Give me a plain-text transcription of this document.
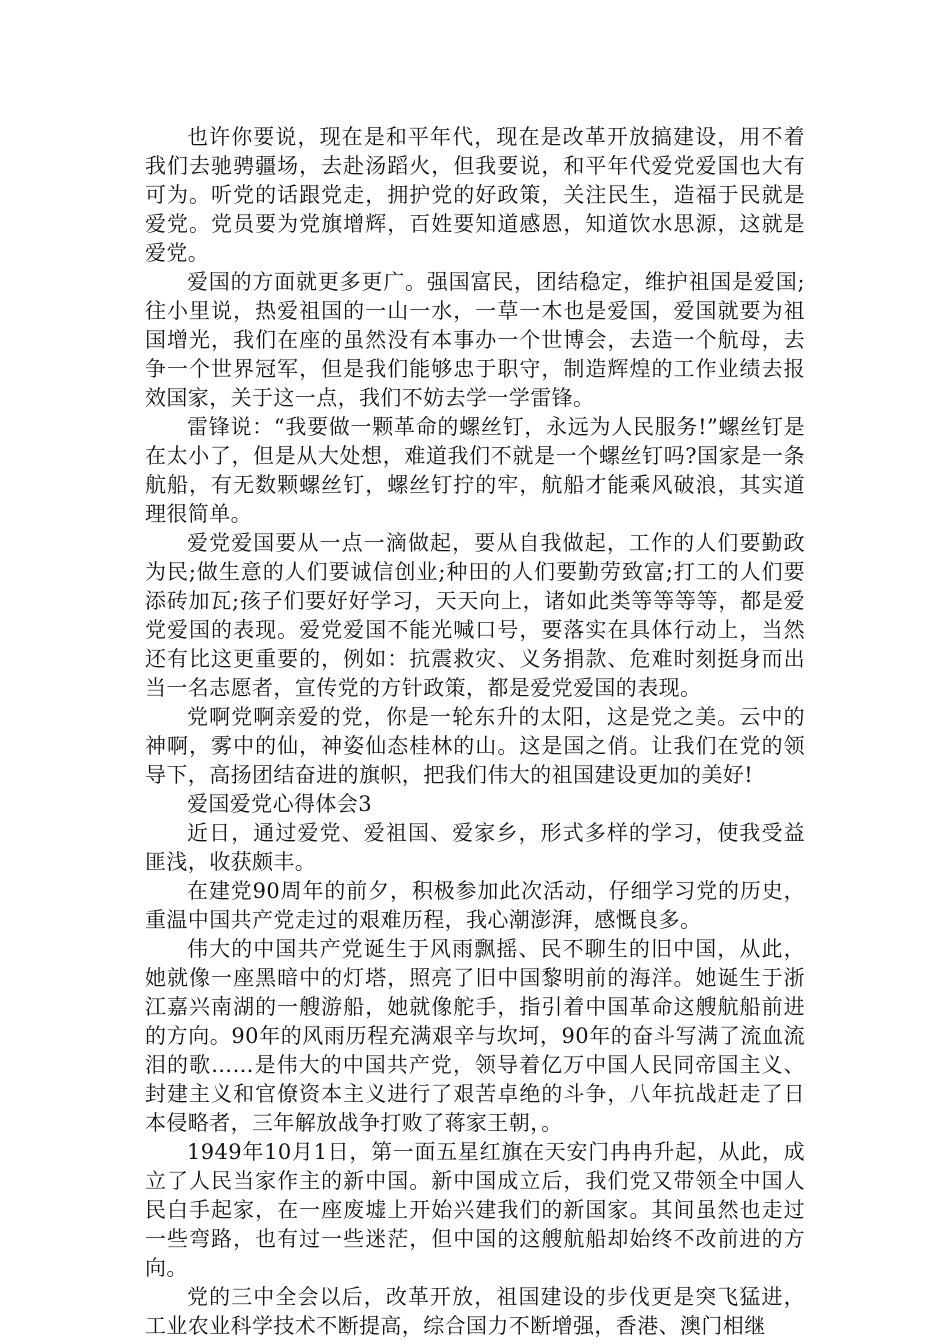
也许你要说，现在是和平年代，现在是改革开放搞建设，用不着我们去驰骋疆场，去赴汤蹈火，但我要说，和平年代爱党爱国也大有可为。听党的话跟党走，拥护党的好政策，关注民生，造福于民就是爱党。党员要为党旗增辉，百姓要知道感恩，知道饮水思源，这就是爱党。

爱国的方面就更多更广。强国富民，团结稳定，维护祖国是爱国;往小里说，热爱祖国的一山一水，一草一木也是爱国，爱国就要为祖国增光，我们在座的虽然没有本事办一个世博会，去造一个航母，去争一个世界冠军，但是我们能够忠于职守，制造辉煌的工作业绩去报效国家，关于这一点，我们不妨去学一学雷锋。

雷锋说：“我要做一颗革命的螺丝钉，永远为人民服务!”螺丝钉是在太小了，但是从大处想，难道我们不就是一个螺丝钉吗?国家是一条航船，有无数颗螺丝钉，螺丝钉拧的牢，航船才能乘风破浪，其实道理很简单。

爱党爱国要从一点一滴做起，要从自我做起，工作的人们要勤政为民;做生意的人们要诚信创业;种田的人们要勤劳致富;打工的人们要添砖加瓦;孩子们要好好学习，天天向上，诸如此类等等等等，都是爱党爱国的表现。爱党爱国不能光喊口号，要落实在具体行动上，当然还有比这更重要的，例如：抗震救灾、义务捐款、危难时刻挺身而出当一名志愿者，宣传党的方针政策，都是爱党爱国的表现。

党啊党啊亲爱的党，你是一轮东升的太阳，这是党之美。云中的神啊，雾中的仙，神姿仙态桂林的山。这是国之俏。让我们在党的领导下，高扬团结奋进的旗帜，把我们伟大的祖国建设更加的美好!

爱国爱党心得体会3

近日，通过爱党、爱祖国、爱家乡，形式多样的学习，使我受益匪浅，收获颇丰。

在建党90周年的前夕，积极参加此次活动，仔细学习党的历史，重温中国共产党走过的艰难历程，我心潮澎湃，感慨良多。

伟大的中国共产党诞生于风雨飘摇、民不聊生的旧中国，从此，她就像一座黑暗中的灯塔，照亮了旧中国黎明前的海洋。她诞生于浙江嘉兴南湖的一艘游船，她就像舵手，指引着中国革命这艘航船前进的方向。90年的风雨历程充满艰辛与坎坷，90年的奋斗写满了流血流泪的歌……是伟大的中国共产党，领导着亿万中国人民同帝国主义、封建主义和官僚资本主义进行了艰苦卓绝的斗争，八年抗战赶走了日本侵略者，三年解放战争打败了蒋家王朝，。

1949年10月1日，第一面五星红旗在天安门冉冉升起，从此，成立了人民当家作主的新中国。新中国成立后，我们党又带领全中国人民白手起家，在一座废墟上开始兴建我们的新国家。其间虽然也走过一些弯路，也有过一些迷茫，但中国的这艘航船却始终不改前进的方向。

党的三中全会以后，改革开放，祖国建设的步伐更是突飞猛进，工业农业科学技术不断提高，综合国力不断增强，香港、澳门相继
